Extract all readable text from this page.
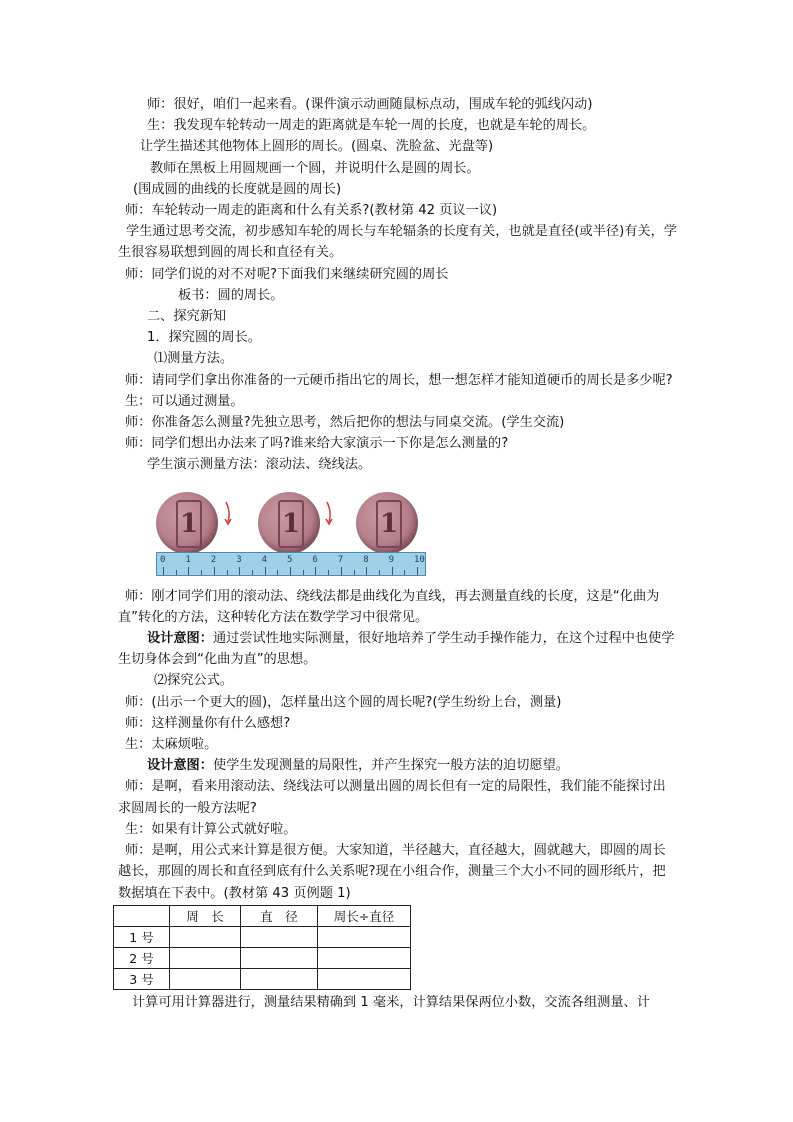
师：很好，咱们一起来看。(课件演示动画随鼠标点动，围成车轮的弧线闪动)

生：我发现车轮转动一周走的距离就是车轮一周的长度，也就是车轮的周长。

让学生描述其他物体上圆形的周长。(圆桌、洗脸盆、光盘等)

教师在黑板上用圆规画一个圆，并说明什么是圆的周长。

(围成圆的曲线的长度就是圆的周长)

师：车轮转动一周走的距离和什么有关系?(教材第 42 页议一议)

学生通过思考交流，初步感知车轮的周长与车轮辐条的长度有关，也就是直径(或半径)有关，学生很容易联想到圆的周长和直径有关。

师：同学们说的对不对呢?下面我们来继续研究圆的周长

板书：圆的周长。

二、探究新知

1．探究圆的周长。

⑴测量方法。

师：请同学们拿出你准备的一元硬币指出它的周长，想一想怎样才能知道硬币的周长是多少呢?

生：可以通过测量。

师：你准备怎么测量?先独立思考，然后把你的想法与同桌交流。(学生交流)

师：同学们想出办法来了吗?谁来给大家演示一下你是怎么测量的?

学生演示测量方法：滚动法、绕线法。

1	1	1
0 1 2 3 4 5 6 7 8 9 10

师：刚才同学们用的滚动法、绕线法都是曲线化为直线，再去测量直线的长度，这是“化曲为直”转化的方法，这种转化方法在数学学习中很常见。

设计意图：通过尝试性地实际测量，很好地培养了学生动手操作能力，在这个过程中也使学生切身体会到“化曲为直”的思想。

⑵探究公式。

师：(出示一个更大的圆)，怎样量出这个圆的周长呢?(学生纷纷上台，测量)

师：这样测量你有什么感想?

生：太麻烦啦。

设计意图：使学生发现测量的局限性，并产生探究一般方法的迫切愿望。

师：是啊，看来用滚动法、绕线法可以测量出圆的周长但有一定的局限性，我们能不能探讨出求圆周长的一般方法呢?

生：如果有计算公式就好啦。

师：是啊，用公式来计算是很方便。大家知道，半径越大，直径越大，圆就越大，即圆的周长越长，那圆的周长和直径到底有什么关系呢?现在小组合作，测量三个大小不同的圆形纸片，把数据填在下表中。(教材第 43 页例题 1)

	周　长	直　径	周长÷直径
1 号			
2 号			
3 号			

计算可用计算器进行，测量结果精确到 1 毫米，计算结果保两位小数，交流各组测量、计
